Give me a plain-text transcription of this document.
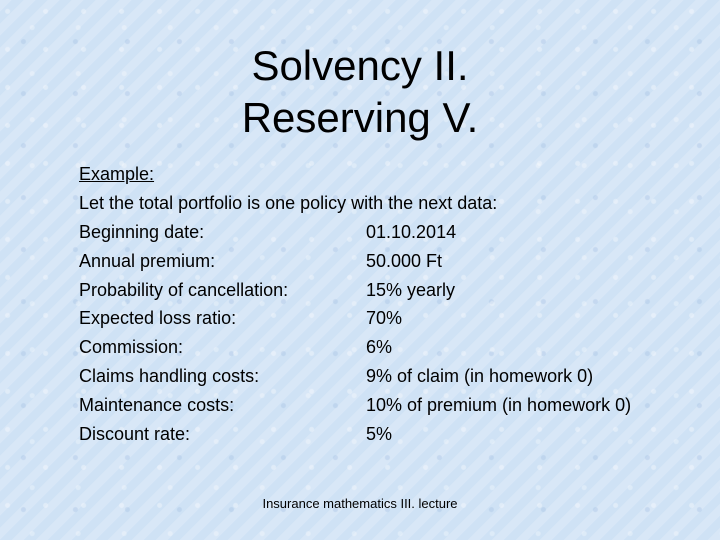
Solvency II.
Reserving V.
Example:
Let the total portfolio is one policy with the next data:
Beginning date:	01.10.2014
Annual premium:	50.000 Ft
Probability of cancellation:	15% yearly
Expected loss ratio:	70%
Commission:	6%
Claims handling costs:	9% of claim (in homework 0)
Maintenance costs:	10% of premium (in homework 0)
Discount rate:	5%
Insurance mathematics III. lecture
